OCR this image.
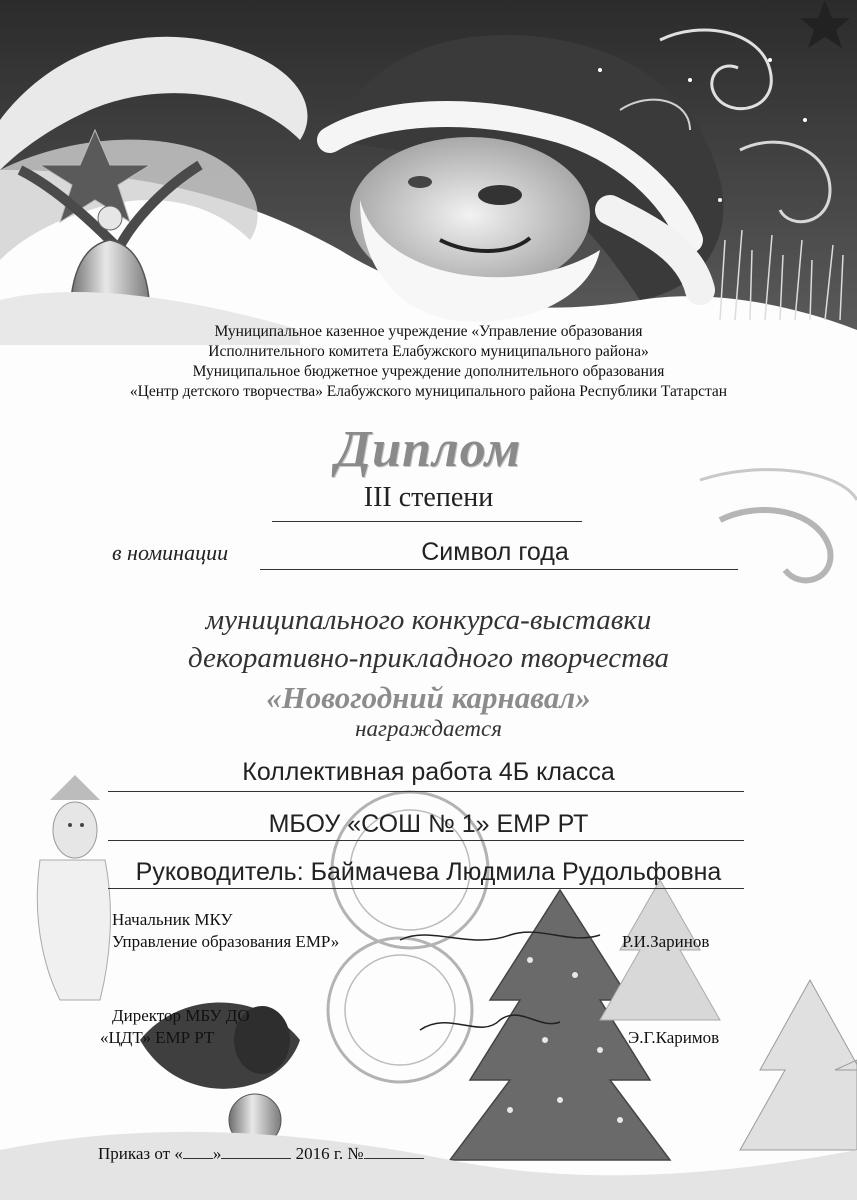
Муниципальное казенное учреждение «Управление образования
Исполнительного комитета Елабужского муниципального района»
Муниципальное бюджетное учреждение дополнительного образования
«Центр детского творчества» Елабужского муниципального района Республики Татарстан
Диплом
III степени
в номинации	Символ года
муниципального конкурса-выставки
декоративно-прикладного творчества
«Новогодний карнавал»
награждается
Коллективная работа 4Б класса
МБОУ «СОШ № 1» ЕМР РТ
Руководитель: Баймачева Людмила Рудольфовна
Начальник МКУ
Управление образования ЕМР»	Р.И.Заринов
Директор МБУ ДО
«ЦДТ» ЕМР РТ	Э.Г.Каримов
Приказ от « »	2016 г. №
